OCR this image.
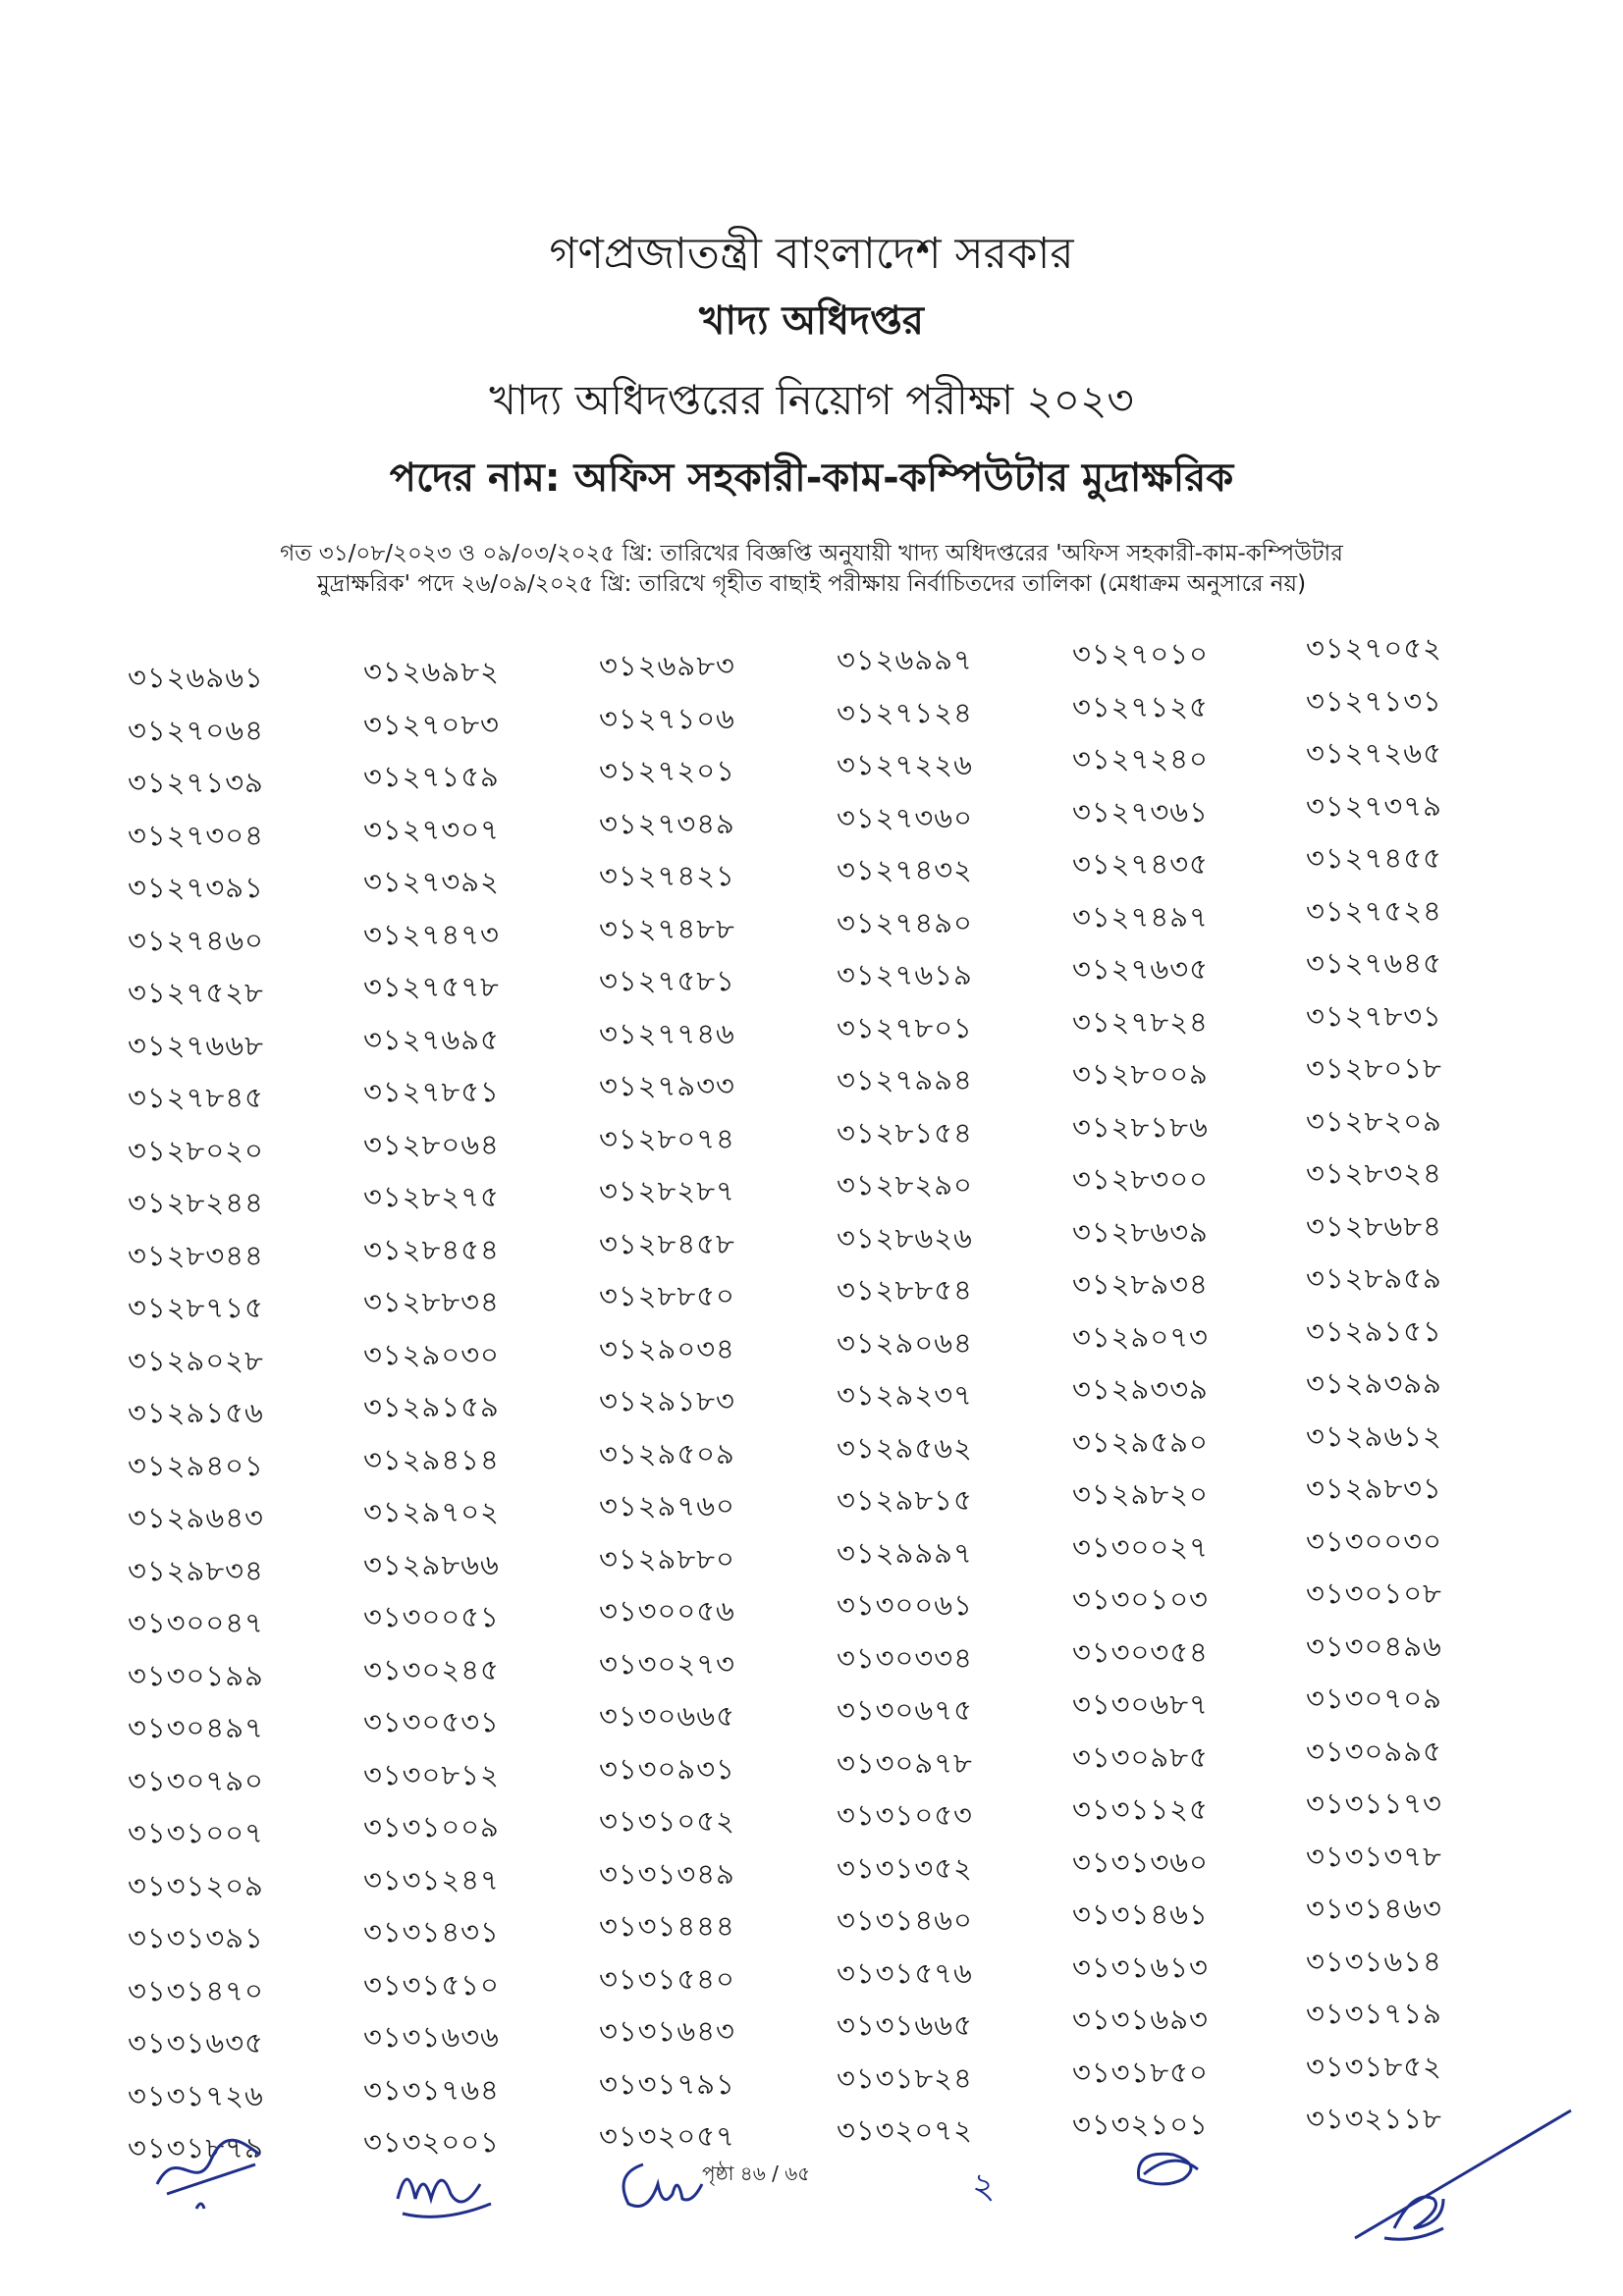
গণপ্রজাতন্ত্রী বাংলাদেশ সরকার
খাদ্য অধিদপ্তর
খাদ্য অধিদপ্তরের নিয়োগ পরীক্ষা ২০২৩
পদের নাম: অফিস সহকারী-কাম-কম্পিউটার মুদ্রাক্ষরিক
গত ৩১/০৮/২০২৩ ও ০৯/০৩/২০২৫ খ্রি: তারিখের বিজ্ঞপ্তি অনুযায়ী খাদ্য অধিদপ্তরের 'অফিস সহকারী-কাম-কম্পিউটার
মুদ্রাক্ষরিক' পদে ২৬/০৯/২০২৫ খ্রি: তারিখে গৃহীত বাছাই পরীক্ষায় নির্বাচিতদের তালিকা (মেধাক্রম অনুসারে নয়)
৩১২৬৯৬১	৩১২৬৯৮২	৩১২৬৯৮৩	৩১২৬৯৯৭	৩১২৭০১০	৩১২৭০৫২
৩১২৭০৬৪	৩১২৭০৮৩	৩১২৭১০৬	৩১২৭১২৪	৩১২৭১২৫	৩১২৭১৩১
৩১২৭১৩৯	৩১২৭১৫৯	৩১২৭২০১	৩১২৭২২৬	৩১২৭২৪০	৩১২৭২৬৫
৩১২৭৩০৪	৩১২৭৩০৭	৩১২৭৩৪৯	৩১২৭৩৬০	৩১২৭৩৬১	৩১২৭৩৭৯
৩১২৭৩৯১	৩১২৭৩৯২	৩১২৭৪২১	৩১২৭৪৩২	৩১২৭৪৩৫	৩১২৭৪৫৫
৩১২৭৪৬০	৩১২৭৪৭৩	৩১২৭৪৮৮	৩১২৭৪৯০	৩১২৭৪৯৭	৩১২৭৫২৪
৩১২৭৫২৮	৩১২৭৫৭৮	৩১২৭৫৮১	৩১২৭৬১৯	৩১২৭৬৩৫	৩১২৭৬৪৫
৩১২৭৬৬৮	৩১২৭৬৯৫	৩১২৭৭৪৬	৩১২৭৮০১	৩১২৭৮২৪	৩১২৭৮৩১
৩১২৭৮৪৫	৩১২৭৮৫১	৩১২৭৯৩৩	৩১২৭৯৯৪	৩১২৮০০৯	৩১২৮০১৮
৩১২৮০২০	৩১২৮০৬৪	৩১২৮০৭৪	৩১২৮১৫৪	৩১২৮১৮৬	৩১২৮২০৯
৩১২৮২৪৪	৩১২৮২৭৫	৩১২৮২৮৭	৩১২৮২৯০	৩১২৮৩০০	৩১২৮৩২৪
৩১২৮৩৪৪	৩১২৮৪৫৪	৩১২৮৪৫৮	৩১২৮৬২৬	৩১২৮৬৩৯	৩১২৮৬৮৪
৩১২৮৭১৫	৩১২৮৮৩৪	৩১২৮৮৫০	৩১২৮৮৫৪	৩১২৮৯৩৪	৩১২৮৯৫৯
৩১২৯০২৮	৩১২৯০৩০	৩১২৯০৩৪	৩১২৯০৬৪	৩১২৯০৭৩	৩১২৯১৫১
৩১২৯১৫৬	৩১২৯১৫৯	৩১২৯১৮৩	৩১২৯২৩৭	৩১২৯৩৩৯	৩১২৯৩৯৯
৩১২৯৪০১	৩১২৯৪১৪	৩১২৯৫০৯	৩১২৯৫৬২	৩১২৯৫৯০	৩১২৯৬১২
৩১২৯৬৪৩	৩১২৯৭০২	৩১২৯৭৬০	৩১২৯৮১৫	৩১২৯৮২০	৩১২৯৮৩১
৩১২৯৮৩৪	৩১২৯৮৬৬	৩১২৯৮৮০	৩১২৯৯৯৭	৩১৩০০২৭	৩১৩০০৩০
৩১৩০০৪৭	৩১৩০০৫১	৩১৩০০৫৬	৩১৩০০৬১	৩১৩০১০৩	৩১৩০১০৮
৩১৩০১৯৯	৩১৩০২৪৫	৩১৩০২৭৩	৩১৩০৩৩৪	৩১৩০৩৫৪	৩১৩০৪৯৬
৩১৩০৪৯৭	৩১৩০৫৩১	৩১৩০৬৬৫	৩১৩০৬৭৫	৩১৩০৬৮৭	৩১৩০৭০৯
৩১৩০৭৯০	৩১৩০৮১২	৩১৩০৯৩১	৩১৩০৯৭৮	৩১৩০৯৮৫	৩১৩০৯৯৫
৩১৩১০০৭	৩১৩১০০৯	৩১৩১০৫২	৩১৩১০৫৩	৩১৩১১২৫	৩১৩১১৭৩
৩১৩১২০৯	৩১৩১২৪৭	৩১৩১৩৪৯	৩১৩১৩৫২	৩১৩১৩৬০	৩১৩১৩৭৮
৩১৩১৩৯১	৩১৩১৪৩১	৩১৩১৪৪৪	৩১৩১৪৬০	৩১৩১৪৬১	৩১৩১৪৬৩
৩১৩১৪৭০	৩১৩১৫১০	৩১৩১৫৪০	৩১৩১৫৭৬	৩১৩১৬১৩	৩১৩১৬১৪
৩১৩১৬৩৫	৩১৩১৬৩৬	৩১৩১৬৪৩	৩১৩১৬৬৫	৩১৩১৬৯৩	৩১৩১৭১৯
৩১৩১৭২৬	৩১৩১৭৬৪	৩১৩১৭৯১	৩১৩১৮২৪	৩১৩১৮৫০	৩১৩১৮৫২
৩১৩১৮৭৯	৩১৩২০০১	৩১৩২০৫৭	৩১৩২০৭২	৩১৩২১০১	৩১৩২১১৮
পৃষ্ঠা ৪৬ / ৬৫	২
